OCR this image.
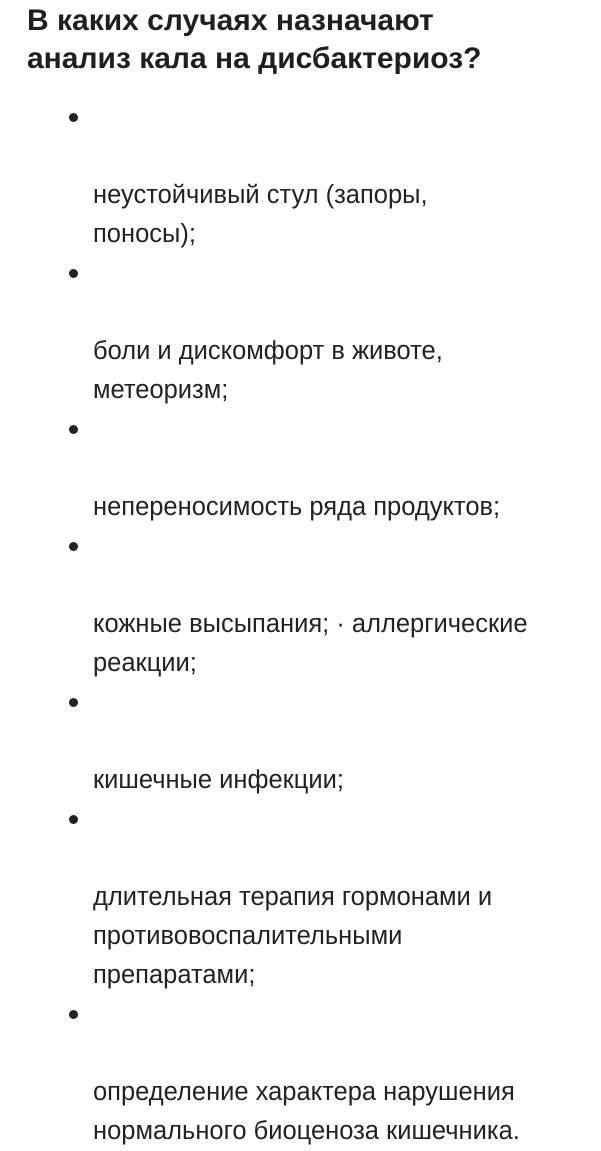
В каких случаях назначают
анализ кала на дисбактериоз?

неустойчивый стул (запоры,
поносы);

боли и дискомфорт в животе,
метеоризм;

непереносимость ряда продуктов;

кожные высыпания; · аллергические
реакции;

кишечные инфекции;

длительная терапия гормонами и
противовоспалительными
препаратами;

определение характера нарушения
нормального биоценоза кишечника.
